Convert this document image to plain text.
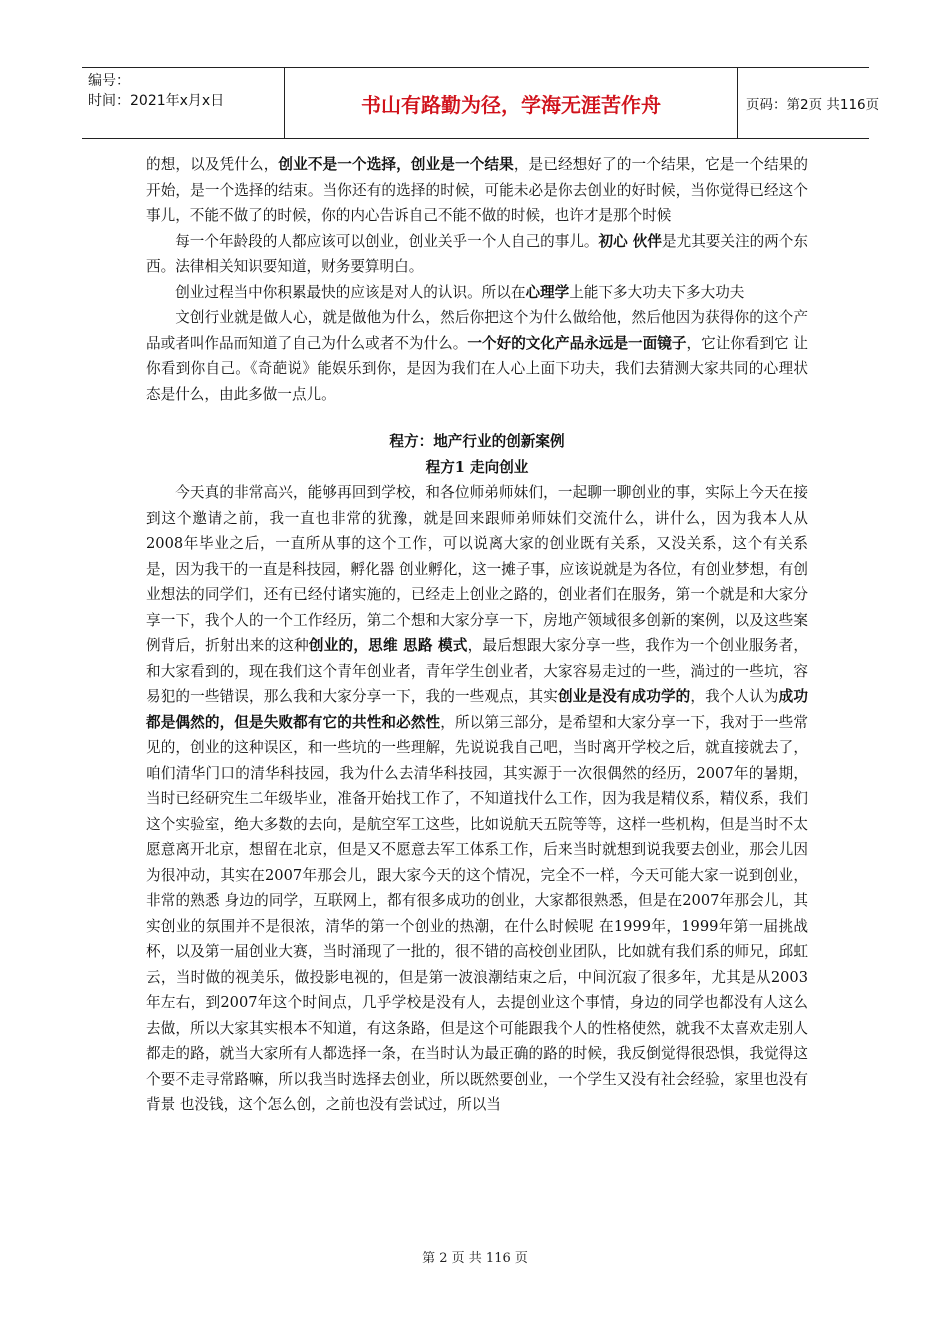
编号：
时间：2021年x月x日	书山有路勤为径，学海无涯苦作舟	页码：第2页 共116页

的想，以及凭什么，创业不是一个选择，创业是一个结果，是已经想好了的一个结果，它是一个结果的开始，是一个选择的结束。当你还有的选择的时候，可能未必是你去创业的好时候，当你觉得已经这个事儿，不能不做了的时候，你的内心告诉自己不能不做的时候，也许才是那个时候

每一个年龄段的人都应该可以创业，创业关乎一个人自己的事儿。初心 伙伴是尤其要关注的两个东西。法律相关知识要知道，财务要算明白。

创业过程当中你积累最快的应该是对人的认识。所以在心理学上能下多大功夫下多大功夫

文创行业就是做人心，就是做他为什么，然后你把这个为什么做给他，然后他因为获得你的这个产品或者叫作品而知道了自己为什么或者不为什么。一个好的文化产品永远是一面镜子，它让你看到它 让你看到你自己。《奇葩说》能娱乐到你，是因为我们在人心上面下功夫，我们去猜测大家共同的心理状态是什么，由此多做一点儿。

程方：地产行业的创新案例

程方1 走向创业

今天真的非常高兴，能够再回到学校，和各位师弟师妹们，一起聊一聊创业的事，实际上今天在接到这个邀请之前，我一直也非常的犹豫，就是回来跟师弟师妹们交流什么，讲什么，因为我本人从2008年毕业之后，一直所从事的这个工作，可以说离大家的创业既有关系，又没关系，这个有关系是，因为我干的一直是科技园，孵化器 创业孵化，这一摊子事，应该说就是为各位，有创业梦想，有创业想法的同学们，还有已经付诸实施的，已经走上创业之路的，创业者们在服务，第一个就是和大家分享一下，我个人的一个工作经历，第二个想和大家分享一下，房地产领域很多创新的案例，以及这些案例背后，折射出来的这种创业的，思维 思路 模式，最后想跟大家分享一些，我作为一个创业服务者，和大家看到的，现在我们这个青年创业者，青年学生创业者，大家容易走过的一些，淌过的一些坑，容易犯的一些错误，那么我和大家分享一下，我的一些观点，其实创业是没有成功学的，我个人认为成功都是偶然的，但是失败都有它的共性和必然性，所以第三部分，是希望和大家分享一下，我对于一些常见的，创业的这种误区，和一些坑的一些理解，先说说我自己吧，当时离开学校之后，就直接就去了，咱们清华门口的清华科技园，我为什么去清华科技园，其实源于一次很偶然的经历，2007年的暑期，当时已经研究生二年级毕业，准备开始找工作了，不知道找什么工作，因为我是精仪系，精仪系，我们这个实验室，绝大多数的去向，是航空军工这些，比如说航天五院等等，这样一些机构，但是当时不太愿意离开北京，想留在北京，但是又不愿意去军工体系工作，后来当时就想到说我要去创业，那会儿因为很冲动，其实在2007年那会儿，跟大家今天的这个情况，完全不一样，今天可能大家一说到创业，非常的熟悉 身边的同学，互联网上，都有很多成功的创业，大家都很熟悉，但是在2007年那会儿，其实创业的氛围并不是很浓，清华的第一个创业的热潮，在什么时候呢 在1999年，1999年第一届挑战杯，以及第一届创业大赛，当时涌现了一批的，很不错的高校创业团队，比如就有我们系的师兄，邱虹云，当时做的视美乐，做投影电视的，但是第一波浪潮结束之后，中间沉寂了很多年，尤其是从2003年左右，到2007年这个时间点，几乎学校是没有人，去提创业这个事情，身边的同学也都没有人这么去做，所以大家其实根本不知道，有这条路，但是这个可能跟我个人的性格使然，就我不太喜欢走别人都走的路，就当大家所有人都选择一条，在当时认为最正确的路的时候，我反倒觉得很恐惧，我觉得这个要不走寻常路嘛，所以我当时选择去创业，所以既然要创业，一个学生又没有社会经验，家里也没有背景 也没钱，这个怎么创，之前也没有尝试过，所以当

第 2 页 共 116 页
